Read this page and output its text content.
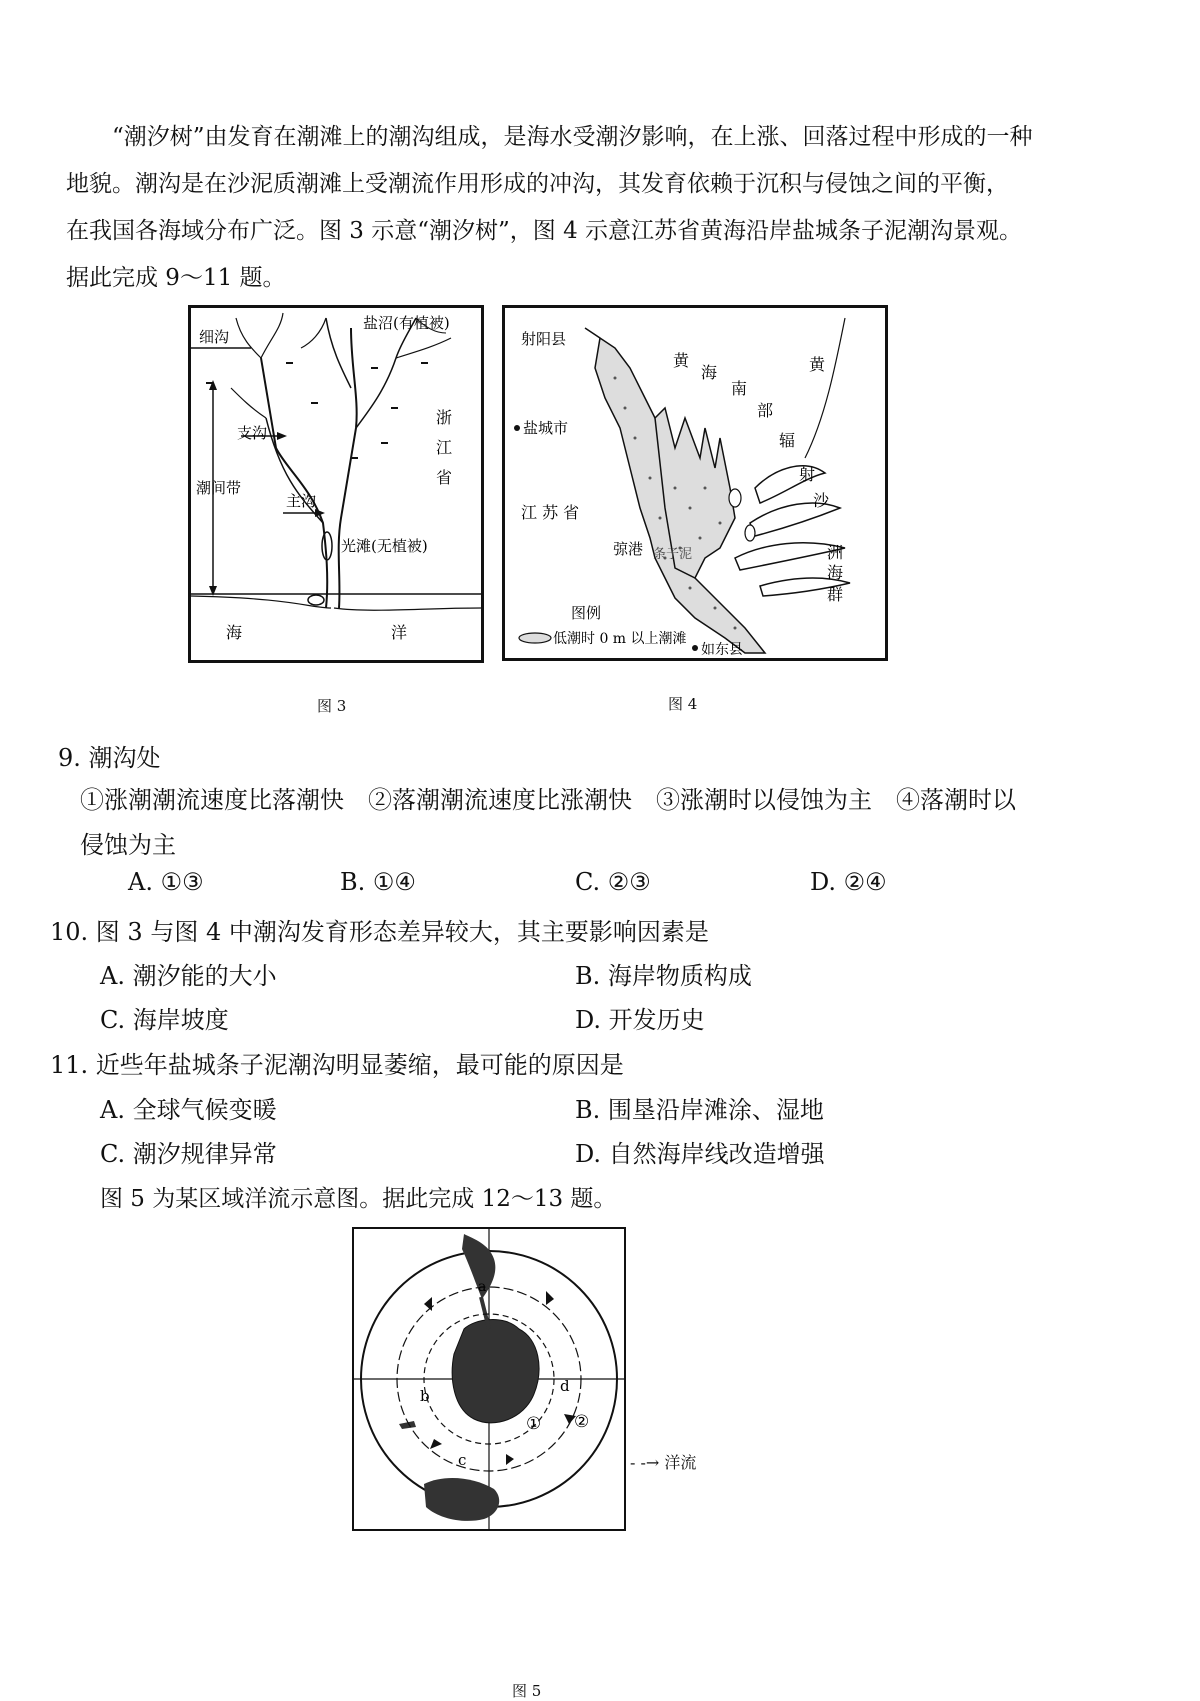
“潮汐树”由发育在潮滩上的潮沟组成，是海水受潮汐影响，在上涨、回落过程中形成的一种
地貌。潮沟是在沙泥质潮滩上受潮流作用形成的冲沟，其发育依赖于沉积与侵蚀之间的平衡，
在我国各海域分布广泛。图 3 示意“潮汐树”，图 4 示意江苏省黄海沿岸盐城条子泥潮沟景观。
据此完成 9～11 题。
细沟
盐沼(有植被)
支沟
潮间带
主沟
光滩(无植被)
浙
江
省
海	洋
图 3
射阳县
盐城市
江 苏 省
弶港 条子泥
图例
低潮时 0 m 以上潮滩
如东县
黄
海
南
部
辐
射
沙
洲
海
群
黄
图 4
9. 潮沟处
①涨潮潮流速度比落潮快　②落潮潮流速度比涨潮快　③涨潮时以侵蚀为主　④落潮时以
侵蚀为主
A. ①③	B. ①④	C. ②③	D. ②④
10. 图 3 与图 4 中潮沟发育形态差异较大，其主要影响因素是
A. 潮汐能的大小	B. 海岸物质构成
C. 海岸坡度	D. 开发历史
11. 近些年盐城条子泥潮沟明显萎缩，最可能的原因是
A. 全球气候变暖	B. 围垦沿岸滩涂、湿地
C. 潮汐规律异常	D. 自然海岸线改造增强
图 5 为某区域洋流示意图。据此完成 12～13 题。
a
b
c
d
① ②
- -→ 洋流
图 5
